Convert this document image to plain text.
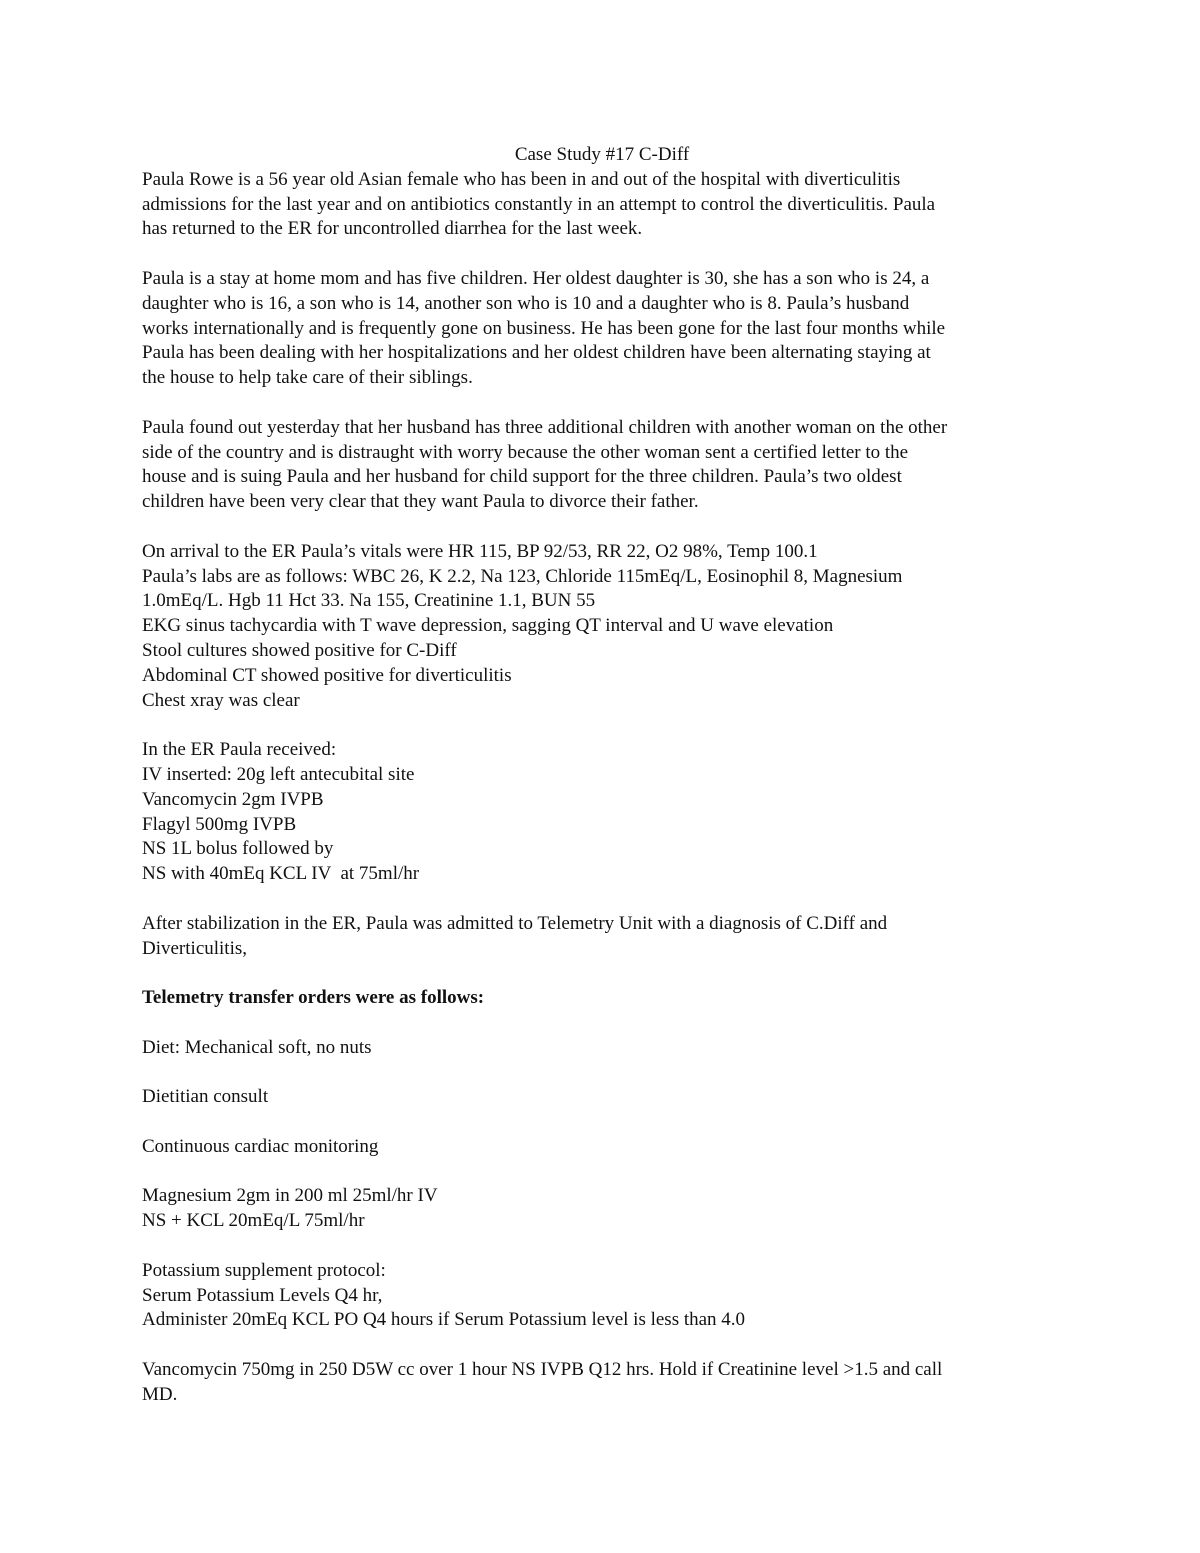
Case Study #17 C-Diff

Paula Rowe is a 56 year old Asian female who has been in and out of the hospital with diverticulitis
admissions for the last year and on antibiotics constantly in an attempt to control the diverticulitis. Paula
has returned to the ER for uncontrolled diarrhea for the last week.

Paula is a stay at home mom and has five children. Her oldest daughter is 30, she has a son who is 24, a
daughter who is 16, a son who is 14, another son who is 10 and a daughter who is 8. Paula’s husband
works internationally and is frequently gone on business. He has been gone for the last four months while
Paula has been dealing with her hospitalizations and her oldest children have been alternating staying at
the house to help take care of their siblings.

Paula found out yesterday that her husband has three additional children with another woman on the other
side of the country and is distraught with worry because the other woman sent a certified letter to the
house and is suing Paula and her husband for child support for the three children. Paula’s two oldest
children have been very clear that they want Paula to divorce their father.

On arrival to the ER Paula’s vitals were HR 115, BP 92/53, RR 22, O2 98%, Temp 100.1
Paula’s labs are as follows: WBC 26, K 2.2, Na 123, Chloride 115mEq/L, Eosinophil 8, Magnesium
1.0mEq/L. Hgb 11 Hct 33. Na 155, Creatinine 1.1, BUN 55
EKG sinus tachycardia with T wave depression, sagging QT interval and U wave elevation
Stool cultures showed positive for C-Diff
Abdominal CT showed positive for diverticulitis
Chest xray was clear

In the ER Paula received:
IV inserted: 20g left antecubital site
Vancomycin 2gm IVPB
Flagyl 500mg IVPB
NS 1L bolus followed by
NS with 40mEq KCL IV  at 75ml/hr

After stabilization in the ER, Paula was admitted to Telemetry Unit with a diagnosis of C.Diff and
Diverticulitis,

Telemetry transfer orders were as follows:

Diet: Mechanical soft, no nuts

Dietitian consult

Continuous cardiac monitoring

Magnesium 2gm in 200 ml 25ml/hr IV
NS + KCL 20mEq/L 75ml/hr

Potassium supplement protocol:
Serum Potassium Levels Q4 hr,
Administer 20mEq KCL PO Q4 hours if Serum Potassium level is less than 4.0

Vancomycin 750mg in 250 D5W cc over 1 hour NS IVPB Q12 hrs. Hold if Creatinine level >1.5 and call
MD.
